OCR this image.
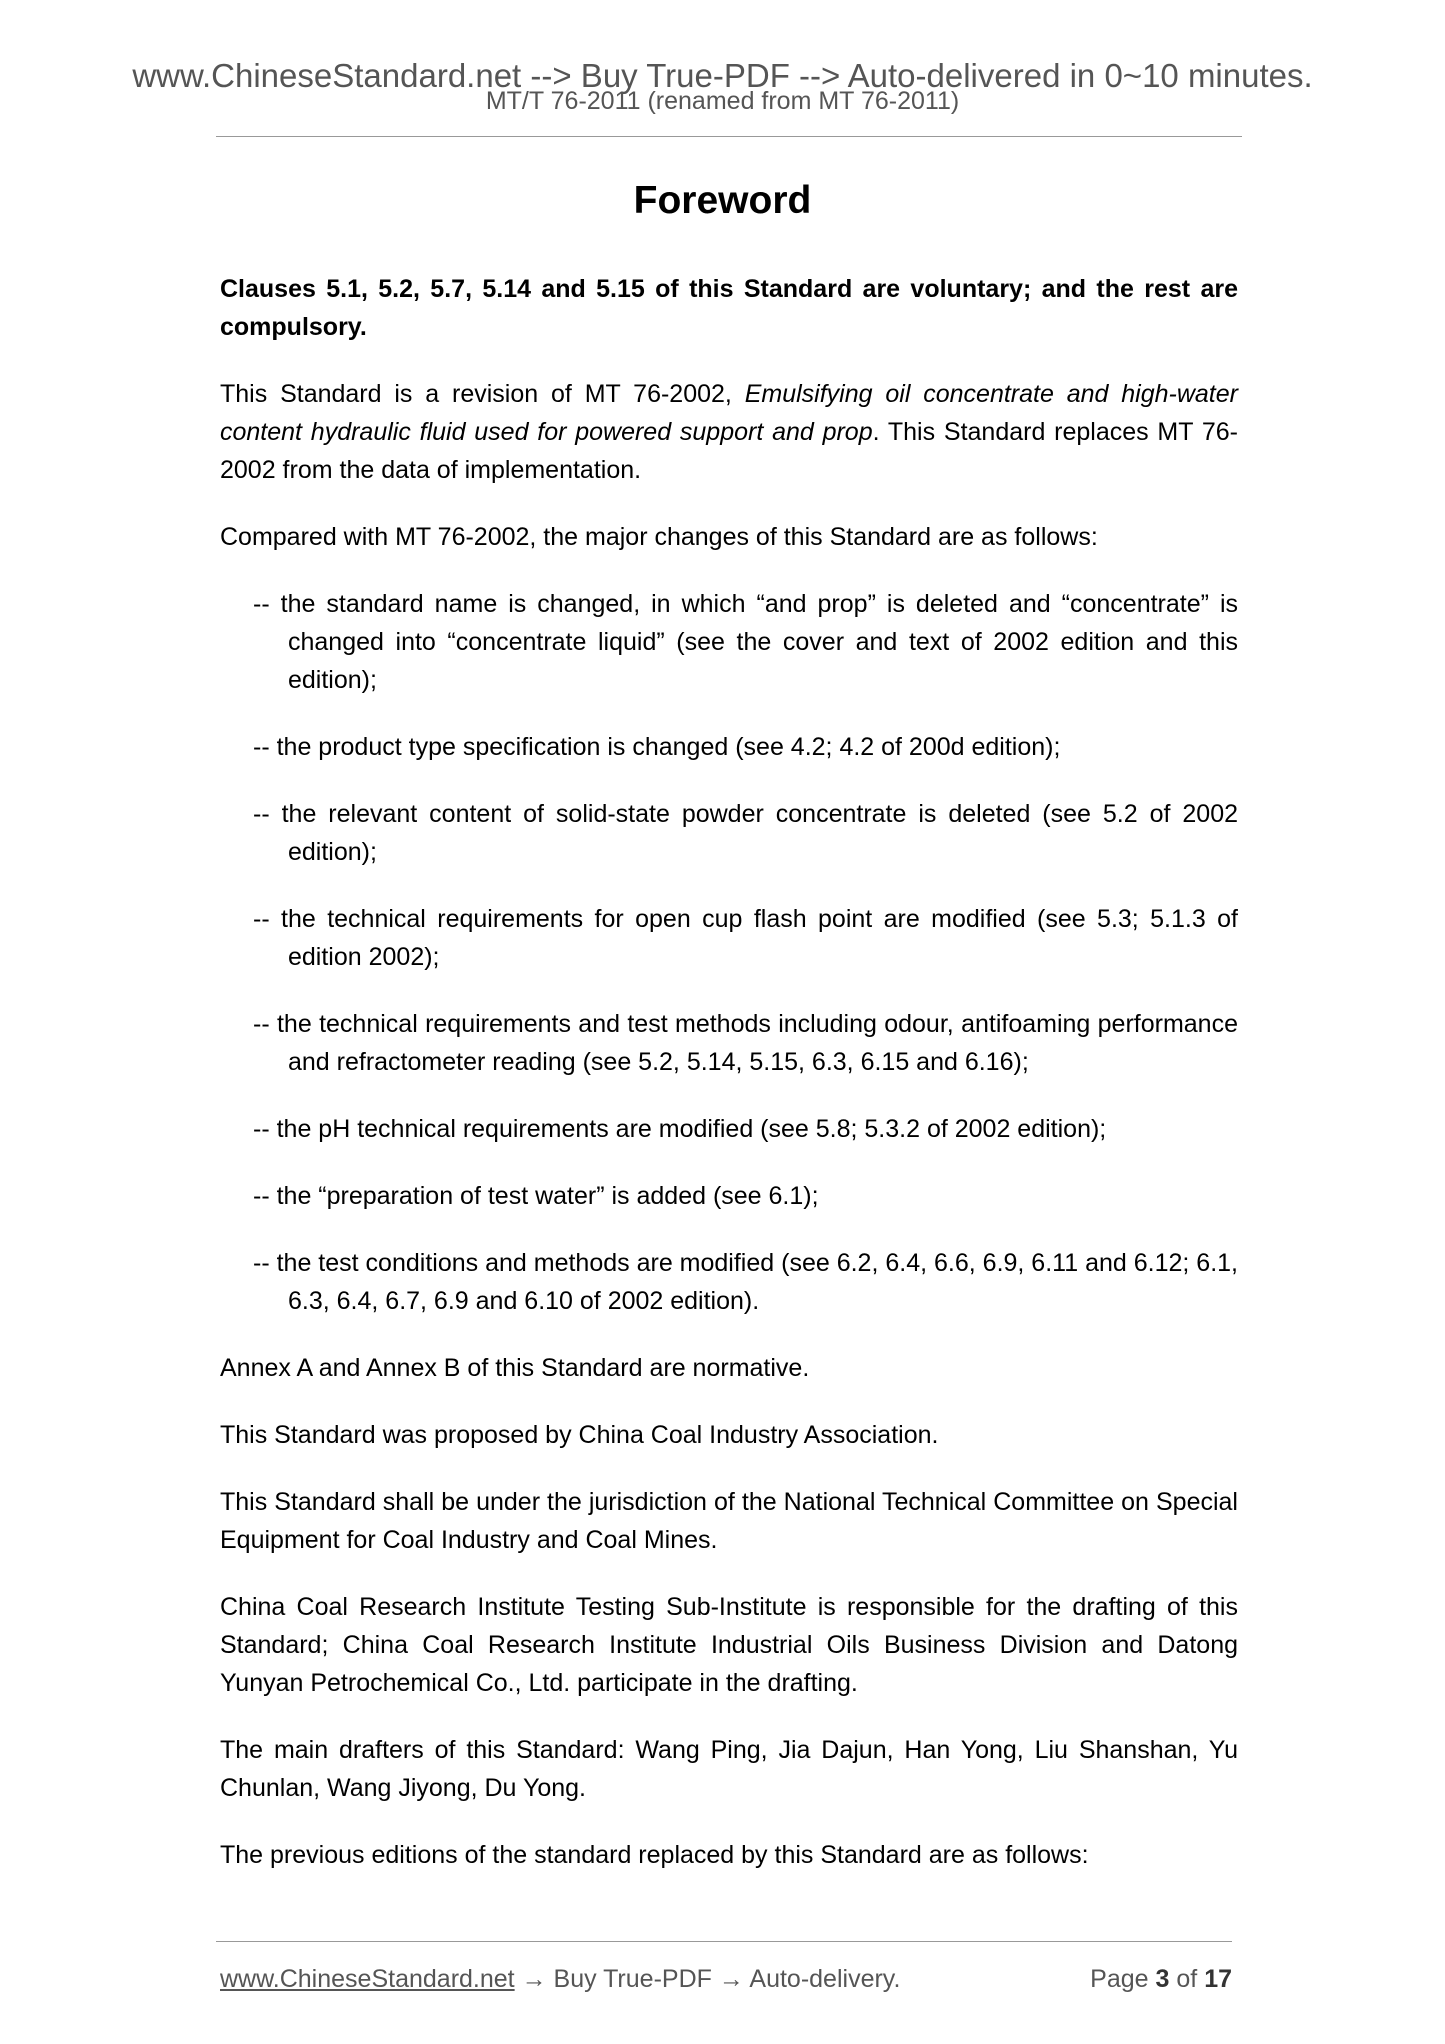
www.ChineseStandard.net --> Buy True-PDF --> Auto-delivered in 0~10 minutes.
MT/T 76-2011 (renamed from MT 76-2011)
Foreword

Clauses 5.1, 5.2, 5.7, 5.14 and 5.15 of this Standard are voluntary; and the rest are compulsory.

This Standard is a revision of MT 76-2002, Emulsifying oil concentrate and high-water content hydraulic fluid used for powered support and prop. This Standard replaces MT 76-2002 from the data of implementation.

Compared with MT 76-2002, the major changes of this Standard are as follows:

-- the standard name is changed, in which “and prop” is deleted and “concentrate” is changed into “concentrate liquid” (see the cover and text of 2002 edition and this edition);
-- the product type specification is changed (see 4.2; 4.2 of 200d edition);
-- the relevant content of solid-state powder concentrate is deleted (see 5.2 of 2002 edition);
-- the technical requirements for open cup flash point are modified (see 5.3; 5.1.3 of edition 2002);
-- the technical requirements and test methods including odour, antifoaming performance and refractometer reading (see 5.2, 5.14, 5.15, 6.3, 6.15 and 6.16);
-- the pH technical requirements are modified (see 5.8; 5.3.2 of 2002 edition);
-- the “preparation of test water” is added (see 6.1);
-- the test conditions and methods are modified (see 6.2, 6.4, 6.6, 6.9, 6.11 and 6.12; 6.1, 6.3, 6.4, 6.7, 6.9 and 6.10 of 2002 edition).

Annex A and Annex B of this Standard are normative.

This Standard was proposed by China Coal Industry Association.

This Standard shall be under the jurisdiction of the National Technical Committee on Special Equipment for Coal Industry and Coal Mines.

China Coal Research Institute Testing Sub-Institute is responsible for the drafting of this Standard; China Coal Research Institute Industrial Oils Business Division and Datong Yunyan Petrochemical Co., Ltd. participate in the drafting.

The main drafters of this Standard: Wang Ping, Jia Dajun, Han Yong, Liu Shanshan, Yu Chunlan, Wang Jiyong, Du Yong.

The previous editions of the standard replaced by this Standard are as follows:

www.ChineseStandard.net → Buy True-PDF → Auto-delivery.	Page 3 of 17
